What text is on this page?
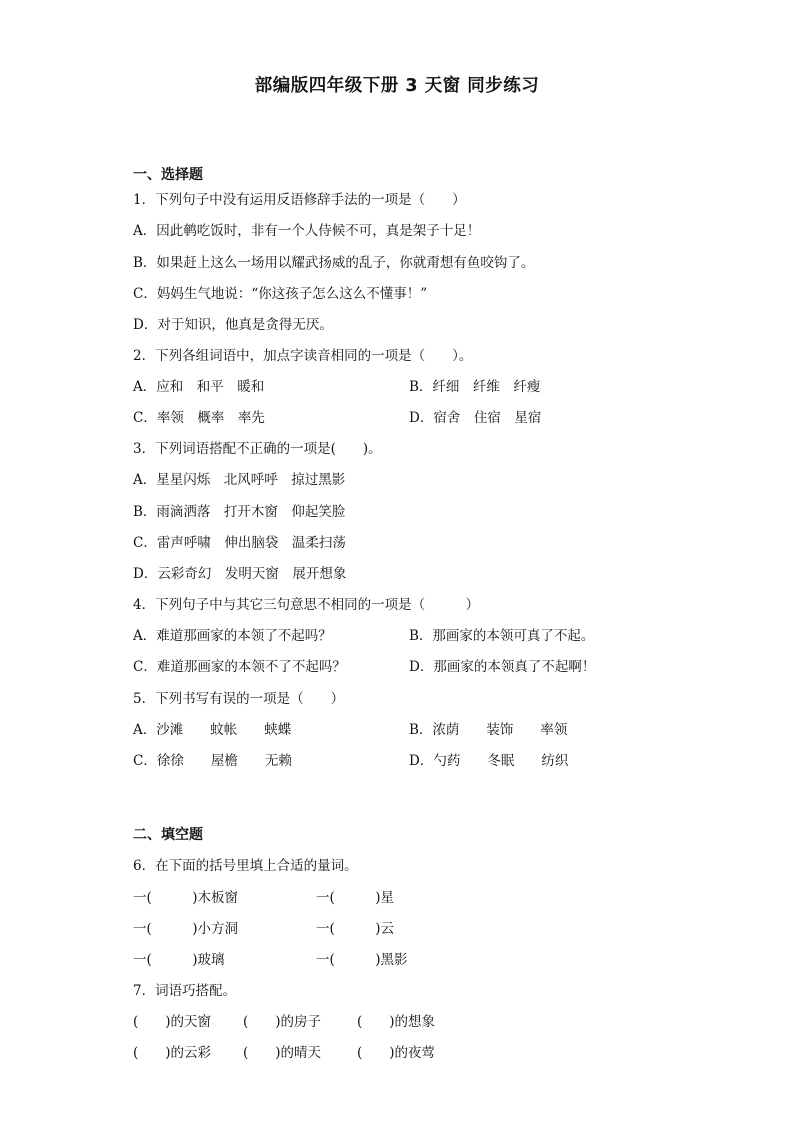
部编版四年级下册 3 天窗 同步练习
一、选择题
1．下列句子中没有运用反语修辞手法的一项是（　　）
A．因此鹌吃饭时，非有一个人侍候不可，真是架子十足！
B．如果赶上这么一场用以耀武扬威的乱子，你就甭想有鱼咬钩了。
C．妈妈生气地说：“你这孩子怎么这么不懂事！”
D．对于知识，他真是贪得无厌。
2．下列各组词语中，加点字读音相同的一项是（　　）。
A．应和　和平　暖和	B．纤细　纤维　纤瘦
C．率领　概率　率先	D．宿舍　住宿　星宿
3．下列词语搭配不正确的一项是(　　)。
A．星星闪烁　北风呼呼　掠过黑影
B．雨滴洒落　打开木窗　仰起笑脸
C．雷声呼啸　伸出脑袋　温柔扫荡
D．云彩奇幻　发明天窗　展开想象
4．下列句子中与其它三句意思不相同的一项是（　　　）
A．难道那画家的本领了不起吗？	B．那画家的本领可真了不起。
C．难道那画家的本领不了不起吗？	D．那画家的本领真了不起啊！
5．下列书写有误的一项是（　　）
A．沙滩　　蚊帐　　蛱蝶	B．浓荫　　装饰　　率领
C．徐徐　　屋檐　　无赖	D．勺药　　冬眠　　纺织
二、填空题
6．在下面的括号里填上合适的量词。
一(　　　)木板窗	一(　　　)星
一(　　　)小方洞	一(　　　)云
一(　　　)玻璃	一(　　　)黑影
7．词语巧搭配。
(　　)的天窗 (　　)的房子	(　　)的想象
(　　)的云彩 (　　)的晴天	(　　)的夜莺
